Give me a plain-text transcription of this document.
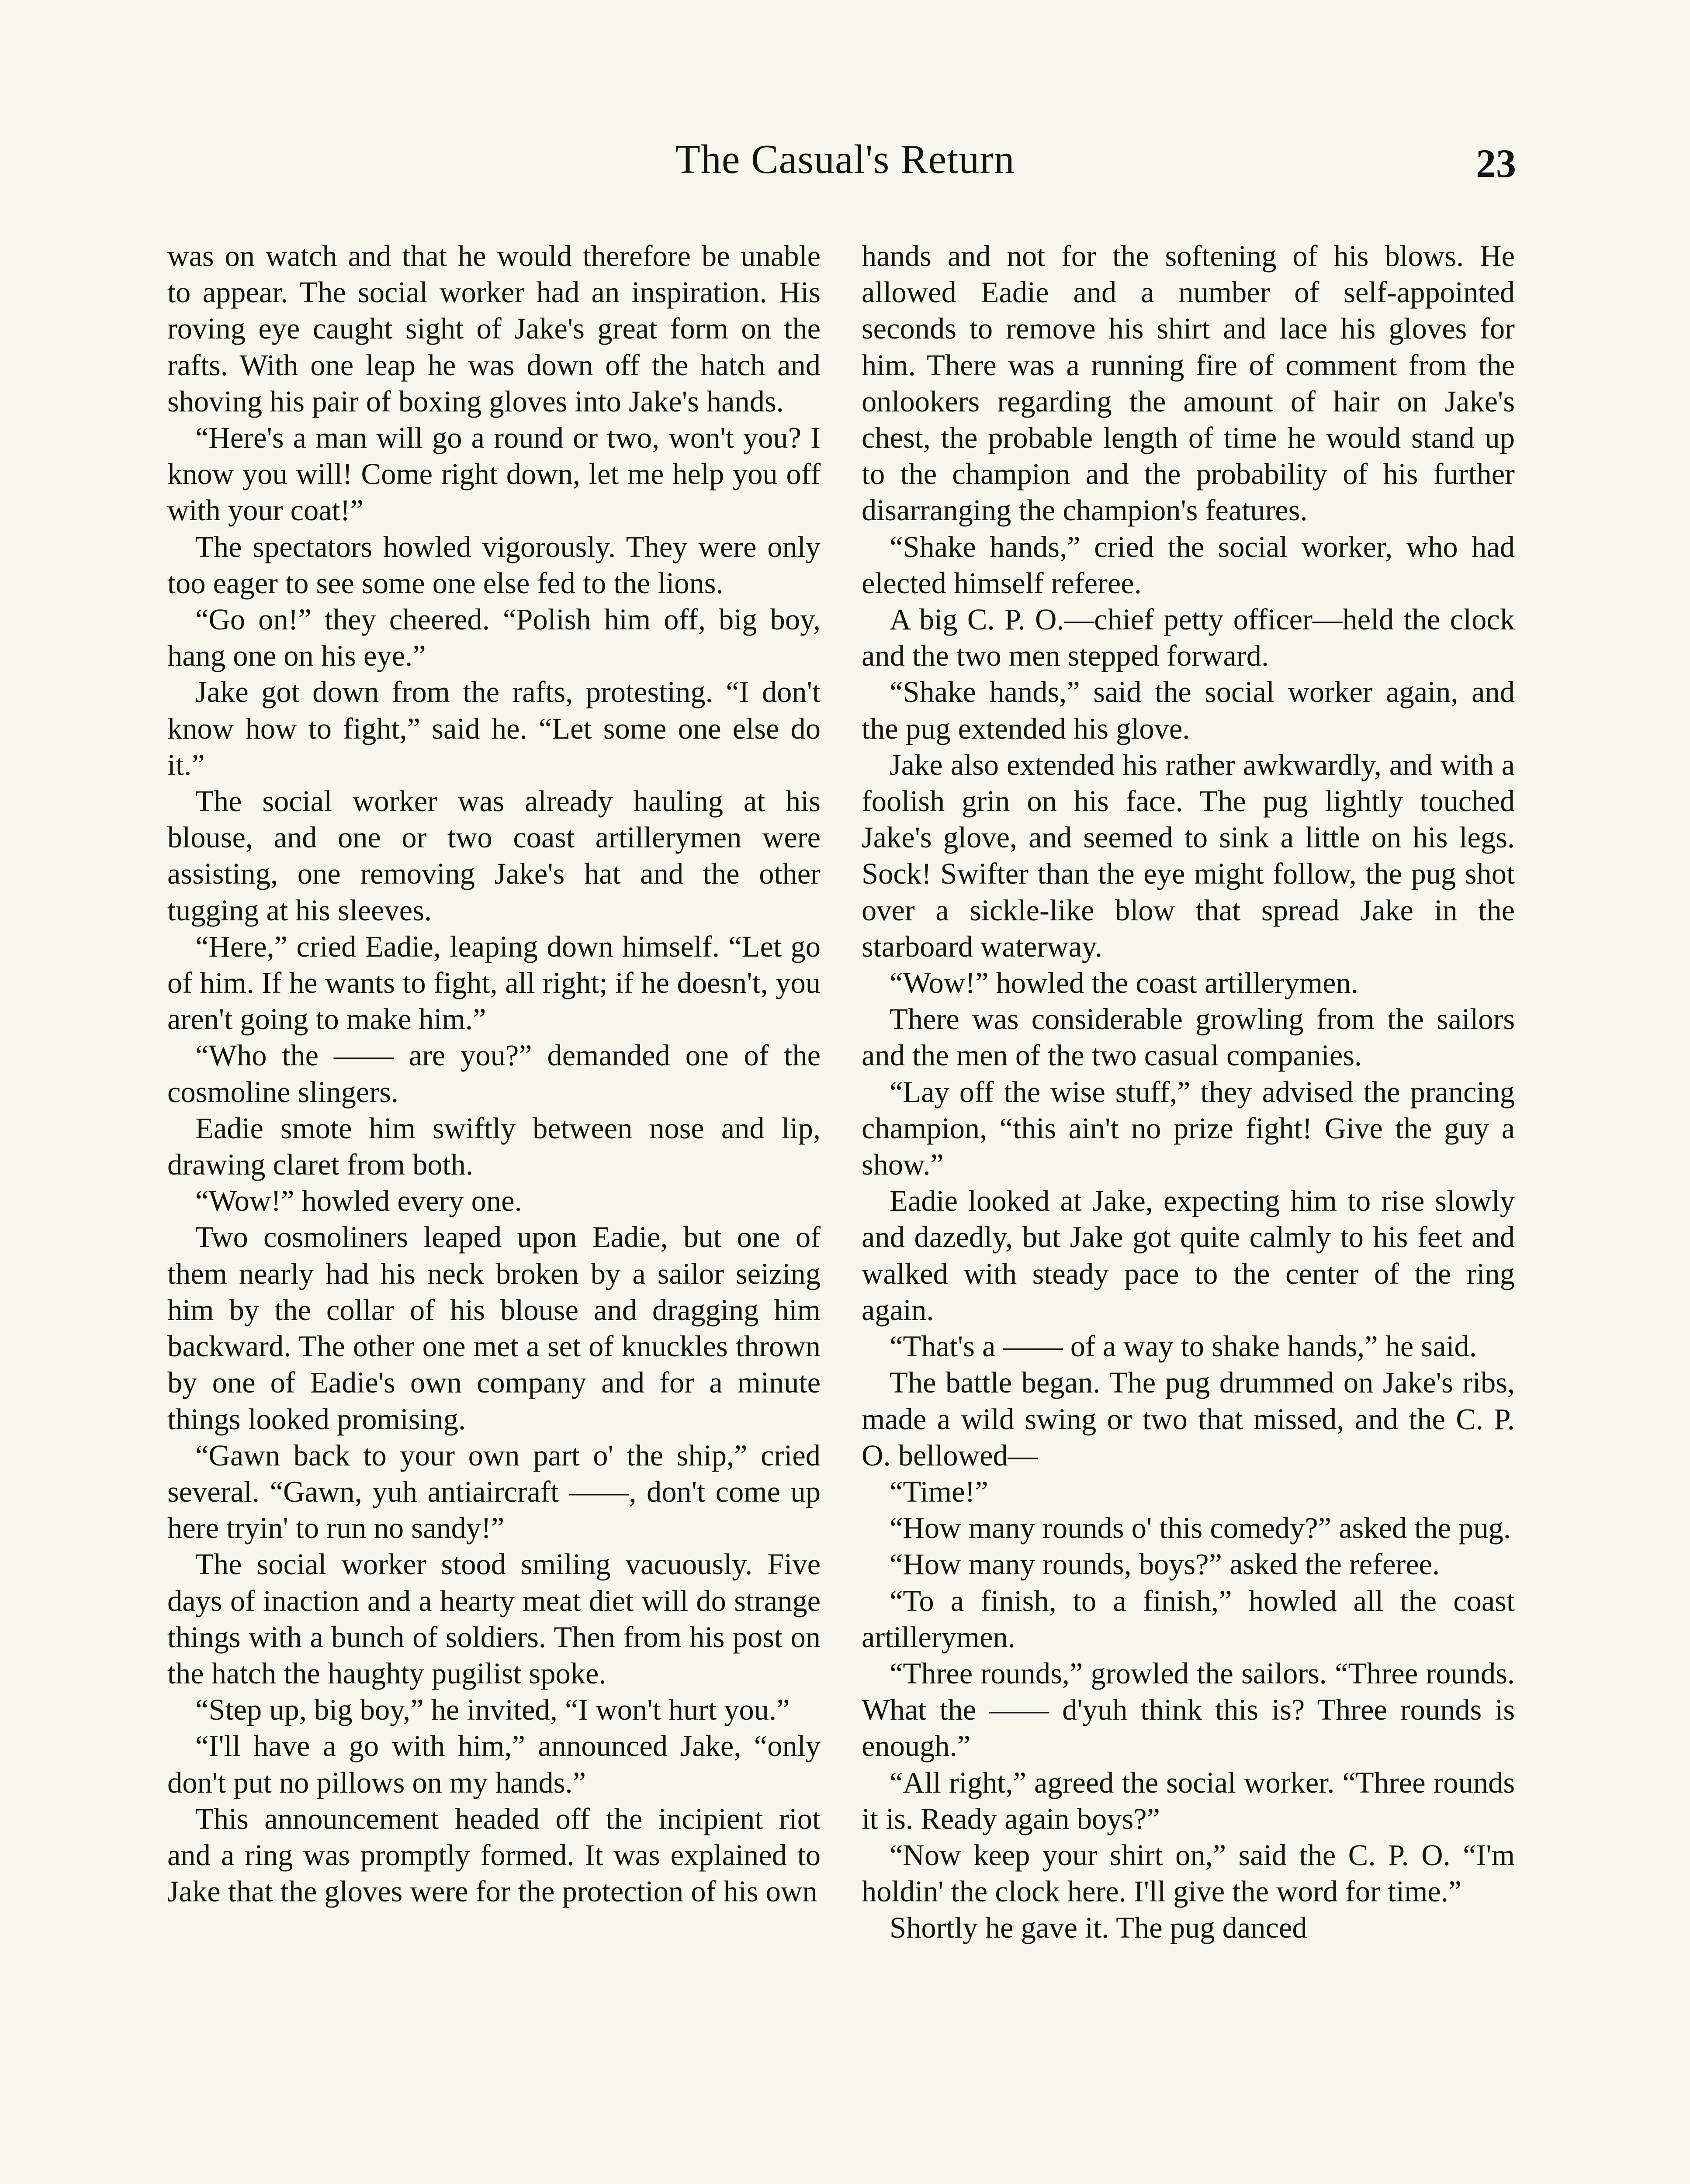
The Casual's Return	23

was on watch and that he would therefore be unable to appear. The social worker had an inspiration. His roving eye caught sight of Jake's great form on the rafts. With one leap he was down off the hatch and shoving his pair of boxing gloves into Jake's hands.

“Here's a man will go a round or two, won't you? I know you will! Come right down, let me help you off with your coat!”

The spectators howled vigorously. They were only too eager to see some one else fed to the lions.

“Go on!” they cheered. “Polish him off, big boy, hang one on his eye.”

Jake got down from the rafts, protesting. “I don't know how to fight,” said he. “Let some one else do it.”

The social worker was already hauling at his blouse, and one or two coast artillerymen were assisting, one removing Jake's hat and the other tugging at his sleeves.

“Here,” cried Eadie, leaping down himself. “Let go of him. If he wants to fight, all right; if he doesn't, you aren't going to make him.”

“Who the —— are you?” demanded one of the cosmoline slingers.

Eadie smote him swiftly between nose and lip, drawing claret from both.

“Wow!” howled every one.

Two cosmoliners leaped upon Eadie, but one of them nearly had his neck broken by a sailor seizing him by the collar of his blouse and dragging him backward. The other one met a set of knuckles thrown by one of Eadie's own company and for a minute things looked promising.

“Gawn back to your own part o' the ship,” cried several. “Gawn, yuh antiaircraft ——, don't come up here tryin' to run no sandy!”

The social worker stood smiling vacuously. Five days of inaction and a hearty meat diet will do strange things with a bunch of soldiers. Then from his post on the hatch the haughty pugilist spoke.

“Step up, big boy,” he invited, “I won't hurt you.”

“I'll have a go with him,” announced Jake, “only don't put no pillows on my hands.”

This announcement headed off the incipient riot and a ring was promptly formed. It was explained to Jake that the gloves were for the protection of his own

hands and not for the softening of his blows. He allowed Eadie and a number of self-appointed seconds to remove his shirt and lace his gloves for him. There was a running fire of comment from the onlookers regarding the amount of hair on Jake's chest, the probable length of time he would stand up to the champion and the probability of his further disarranging the champion's features.

“Shake hands,” cried the social worker, who had elected himself referee.

A big C. P. O.—chief petty officer—held the clock and the two men stepped forward.

“Shake hands,” said the social worker again, and the pug extended his glove.

Jake also extended his rather awkwardly, and with a foolish grin on his face. The pug lightly touched Jake's glove, and seemed to sink a little on his legs. Sock! Swifter than the eye might follow, the pug shot over a sickle-like blow that spread Jake in the starboard waterway.

“Wow!” howled the coast artillerymen.

There was considerable growling from the sailors and the men of the two casual companies.

“Lay off the wise stuff,” they advised the prancing champion, “this ain't no prize fight! Give the guy a show.”

Eadie looked at Jake, expecting him to rise slowly and dazedly, but Jake got quite calmly to his feet and walked with steady pace to the center of the ring again.

“That's a —— of a way to shake hands,” he said.

The battle began. The pug drummed on Jake's ribs, made a wild swing or two that missed, and the C. P. O. bellowed—

“Time!”

“How many rounds o' this comedy?” asked the pug.

“How many rounds, boys?” asked the referee.

“To a finish, to a finish,” howled all the coast artillerymen.

“Three rounds,” growled the sailors. “Three rounds. What the —— d'yuh think this is? Three rounds is enough.”

“All right,” agreed the social worker. “Three rounds it is. Ready again boys?”

“Now keep your shirt on,” said the C. P. O. “I'm holdin' the clock here. I'll give the word for time.”

Shortly he gave it. The pug danced
